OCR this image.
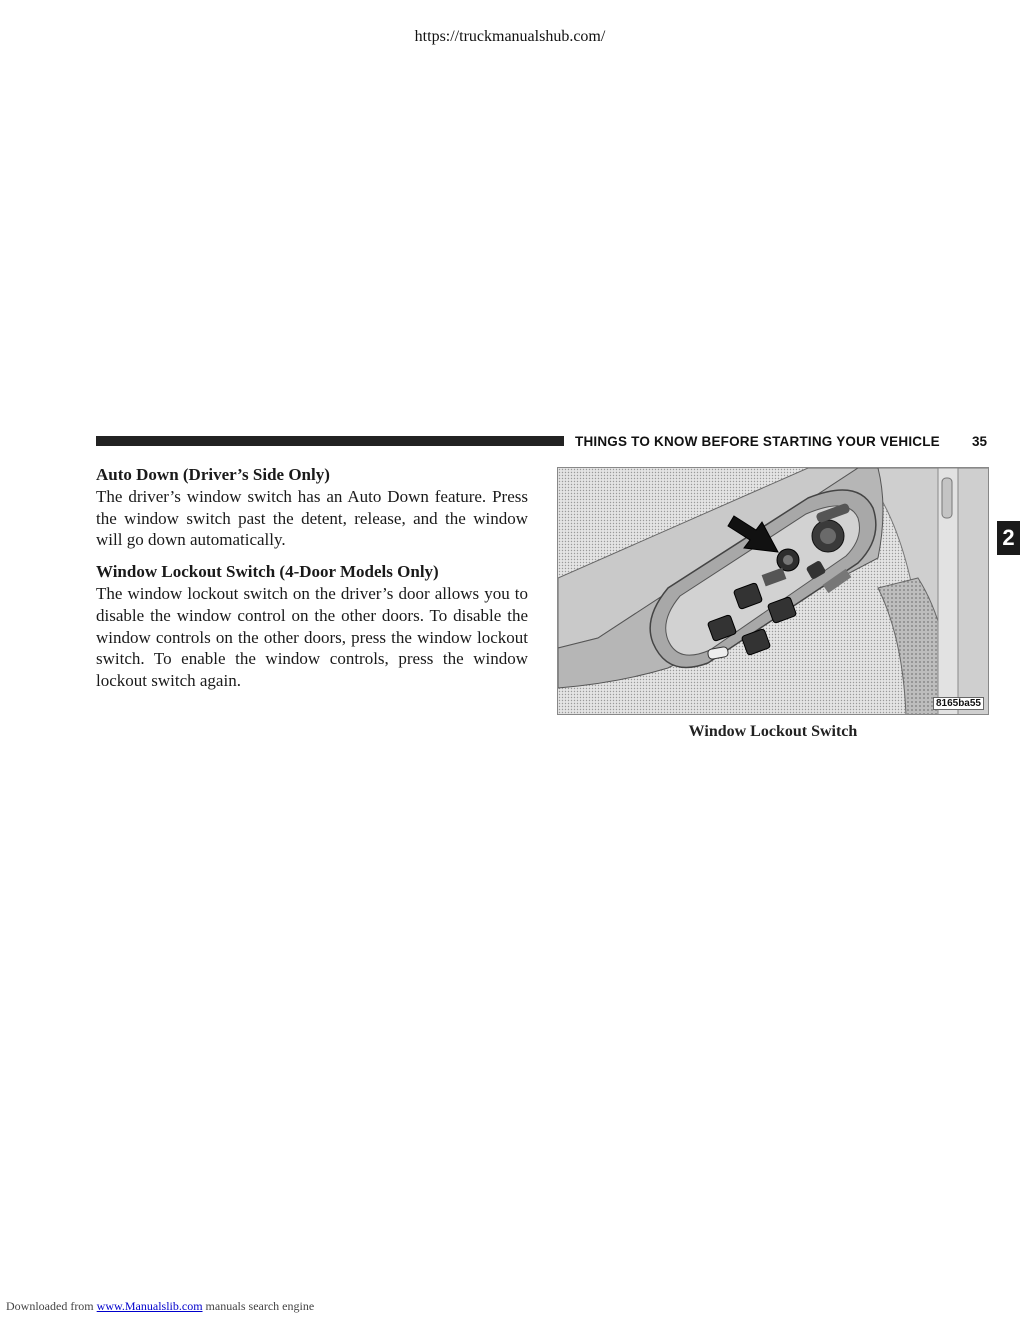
https://truckmanualshub.com/
THINGS TO KNOW BEFORE STARTING YOUR VEHICLE 35
2

Auto Down (Driver’s Side Only)

The driver’s window switch has an Auto Down feature. Press the window switch past the detent, release, and the window will go down automatically.

Window Lockout Switch (4-Door Models Only)

The window lockout switch on the driver’s door allows you to disable the window control on the other doors. To disable the window controls on the other doors, press the window lockout switch. To enable the window controls, press the window lockout switch again.

8165ba55
Window Lockout Switch
Downloaded from www.Manualslib.com manuals search engine
